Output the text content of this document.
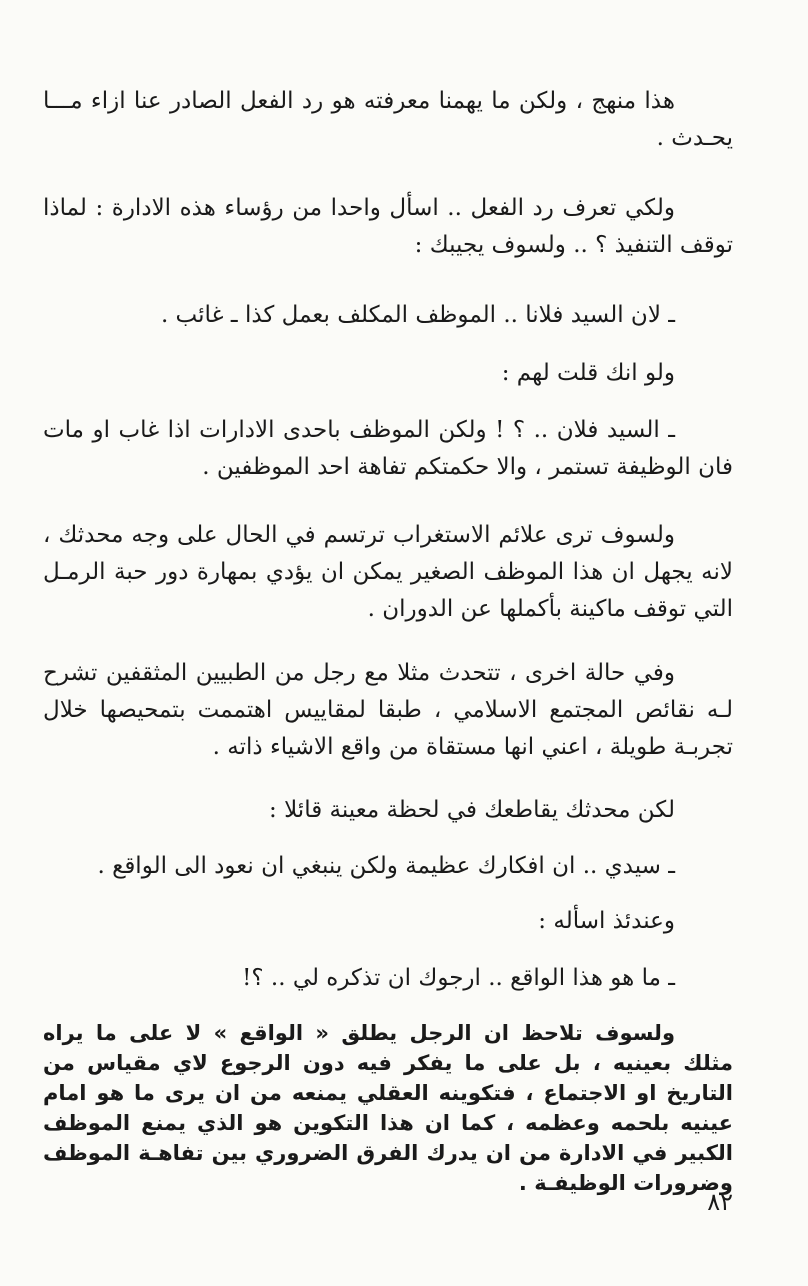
هذا منهج ، ولكن ما يهمنا معرفته هو رد الفعل الصادر عنا ازاء مـــا يحـدث .

ولكي تعرف رد الفعل .. اسأل واحدا من رؤساء هذه الادارة : لماذا توقف التنفيذ ؟ .. ولسوف يجيبك :

ـ لان السيد فلانا .. الموظف المكلف بعمل كذا ـ غائب .

ولو انك قلت لهم :

ـ السيد فلان .. ؟ ! ولكن الموظف باحدى الادارات اذا غاب او مات فان الوظيفة تستمر ، والا حكمتكم تفاهة احد الموظفين .

ولسوف ترى علائم الاستغراب ترتسم في الحال على وجه محدثك ، لانه يجهل ان هذا الموظف الصغير يمكن ان يؤدي بمهارة دور حبة الرمـل التي توقف ماكينة بأكملها عن الدوران .

وفي حالة اخرى ، تتحدث مثلا مع رجل من الطبيين المثقفين تشرح لـه نقائص المجتمع الاسلامي ، طبقا لمقاييس اهتممت بتمحيصها خلال تجربـة طويلة ، اعني انها مستقاة من واقع الاشياء ذاته .

لكن محدثك يقاطعك في لحظة معينة قائلا :

ـ سيدي .. ان افكارك عظيمة ولكن ينبغي ان نعود الى الواقع .

وعندئذ اسأله :

ـ ما هو هذا الواقع .. ارجوك ان تذكره لي .. ؟!

ولسوف تلاحظ ان الرجل يطلق « الواقع » لا على ما يراه مثلك بعينيه ، بل على ما يفكر فيه دون الرجوع لاي مقياس من التاريخ او الاجتماع ، فتكوينه العقلي يمنعه من ان يرى ما هو امام عينيه بلحمه وعظمه ، كما ان هذا التكوين هو الذي يمنع الموظف الكبير في الادارة من ان يدرك الفرق الضروري بين تفاهـة الموظف وضرورات الوظيفـة .

٨٢
